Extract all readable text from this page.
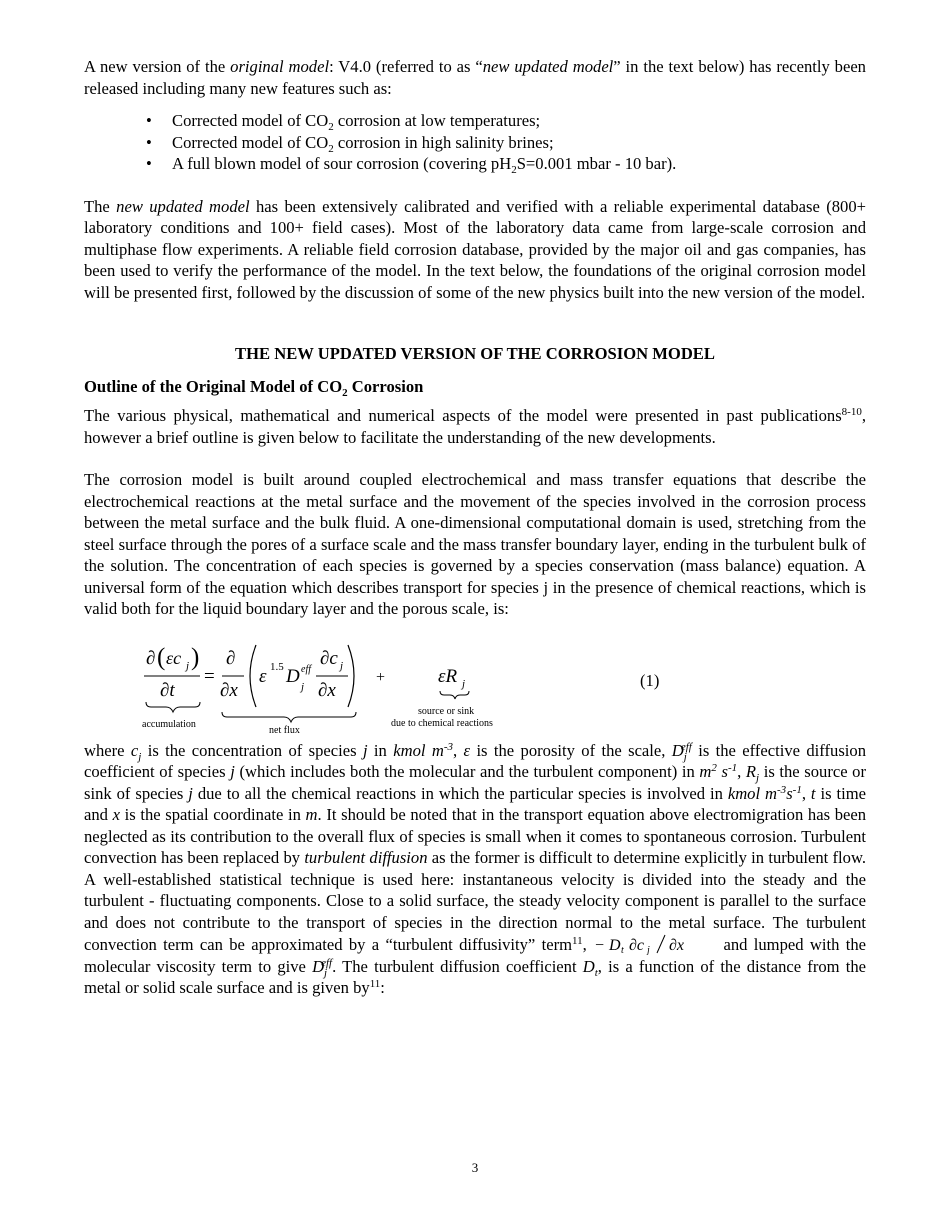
A new version of the original model: V4.0 (referred to as “new updated model” in the text below) has recently been released including many new features such as:

• Corrected model of $CO_2$ corrosion at low temperatures;
• Corrected model of $CO_2$ corrosion in high salinity brines;
• A full blown model of sour corrosion (covering $pH_2S=0.001$ mbar - 10 bar).

The new updated model has been extensively calibrated and verified with a reliable experimental database (800+ laboratory conditions and 100+ field cases). Most of the laboratory data came from large-scale corrosion and multiphase flow experiments. A reliable field corrosion database, provided by the major oil and gas companies, has been used to verify the performance of the model. In the text below, the foundations of the original corrosion model will be presented first, followed by the discussion of some of the new physics built into the new version of the model.

THE NEW UPDATED VERSION OF THE CORROSION MODEL
Outline of the Original Model of $CO_2$ Corrosion

The various physical, mathematical and numerical aspects of the model were presented in past publications$^{8-10}$, however a brief outline is given below to facilitate the understanding of the new developments.

The corrosion model is built around coupled electrochemical and mass transfer equations that describe the electrochemical reactions at the metal surface and the movement of the species involved in the corrosion process between the metal surface and the bulk fluid. A one-dimensional computational domain is used, stretching from the steel surface through the pores of a surface scale and the mass transfer boundary layer, ending in the turbulent bulk of the solution. The concentration of each species is governed by a species conservation (mass balance) equation. A universal form of the equation which describes transport for species j in the presence of chemical reactions, which is valid both for the liquid boundary layer and the porous scale, is:

∂ ( εc j )
∂t
accumulation
=
∂
∂x
ε 1.5 D eff
j
∂c j
∂x
net flux
+	εR j
source or sink
due to chemical reactions
(1)

where $c_j$ is the concentration of species j in kmol $m^{-3}$, ε is the porosity of the scale, $D_j^{eff}$ is the effective diffusion coefficient of species j (which includes both the molecular and the turbulent component) in $m^2$ $s^{-1}$, $R_j$ is the source or sink of species j due to all the chemical reactions in which the particular species is involved in kmol $m^{-3}s^{-1}$, t is time and x is the spatial coordinate in m. It should be noted that in the transport equation above electromigration has been neglected as its contribution to the overall flux of species is small when it comes to spontaneous corrosion. Turbulent convection has been replaced by turbulent diffusion as the former is difficult to determine explicitly in turbulent flow. A well-established statistical technique is used here: instantaneous velocity is divided into the steady and the turbulent - fluctuating components. Close to a solid surface, the steady velocity component is parallel to the surface and does not contribute to the transport of species in the direction normal to the metal surface. The turbulent convection term can be approximated by a “turbulent diffusivity” term$^{11}$, − D t ∂c j ∂x and lumped with the molecular viscosity term to give $D_j^{eff}$. The turbulent diffusion coefficient $D_t$, is a function of the distance from the metal or solid scale surface and is given $by^{11}$:

3
